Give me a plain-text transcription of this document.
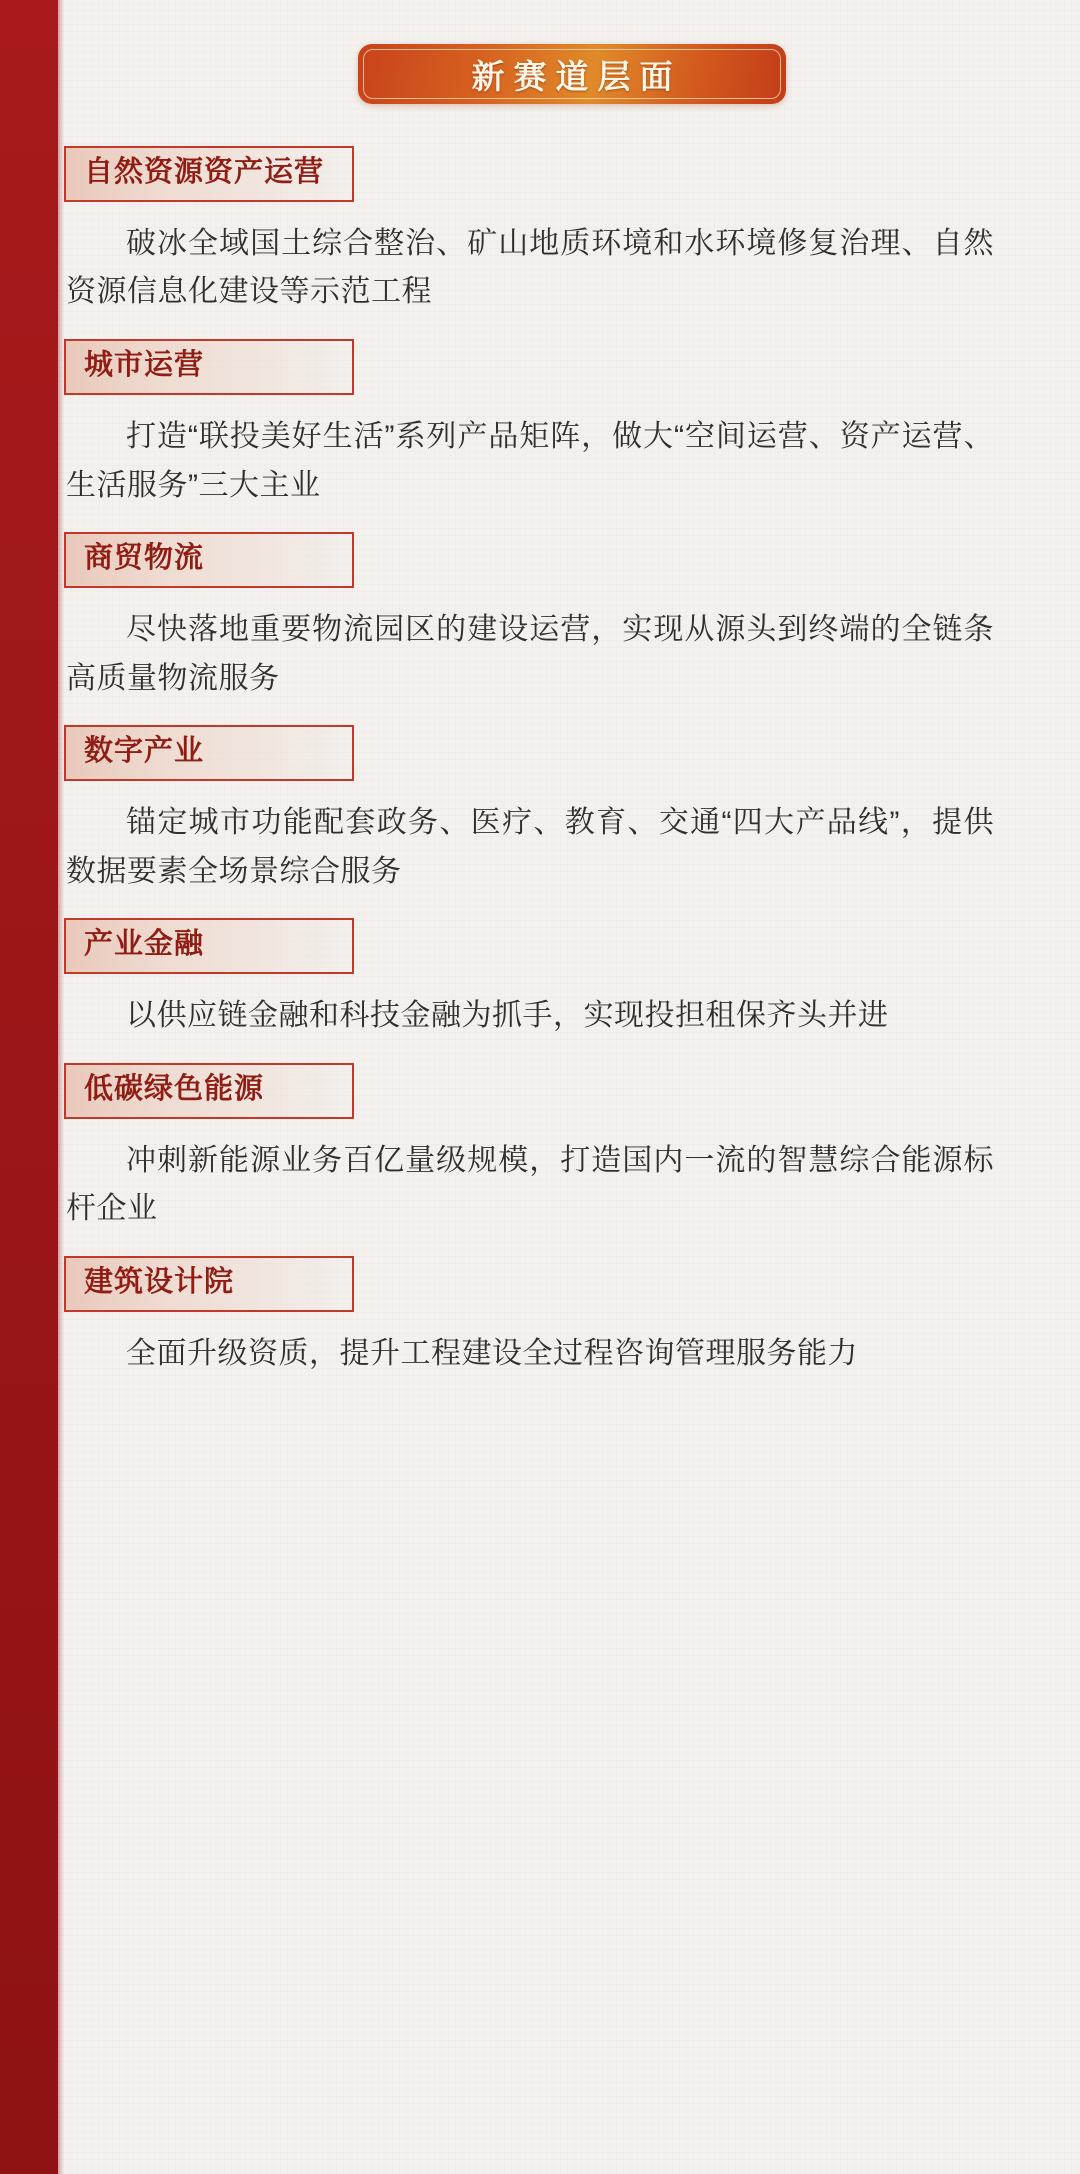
新赛道层面
自然资源资产运营
破冰全域国土综合整治、矿山地质环境和水环境修复治理、自然资源信息化建设等示范工程
城市运营
打造“联投美好生活”系列产品矩阵，做大“空间运营、资产运营、生活服务”三大主业
商贸物流
尽快落地重要物流园区的建设运营，实现从源头到终端的全链条高质量物流服务
数字产业
锚定城市功能配套政务、医疗、教育、交通“四大产品线”，提供数据要素全场景综合服务
产业金融
以供应链金融和科技金融为抓手，实现投担租保齐头并进
低碳绿色能源
冲刺新能源业务百亿量级规模，打造国内一流的智慧综合能源标杆企业
建筑设计院
全面升级资质，提升工程建设全过程咨询管理服务能力
